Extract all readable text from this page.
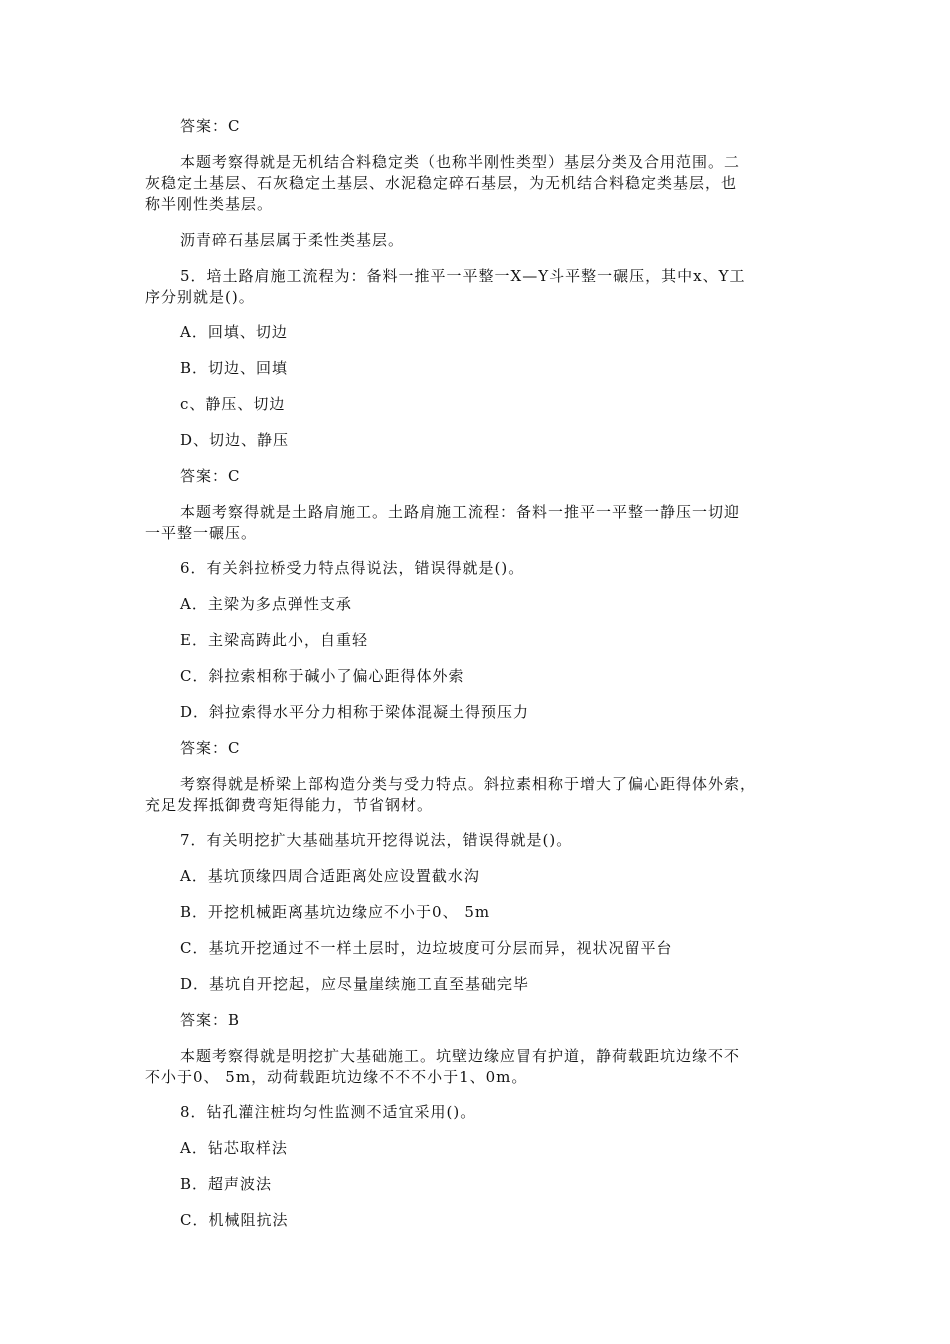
答案：C
本题考察得就是无机结合料稳定类（也称半刚性类型）基层分类及合用范围。二
灰稳定土基层、石灰稳定土基层、水泥稳定碎石基层，为无机结合料稳定类基层，也
称半刚性类基层。
沥青碎石基层属于柔性类基层。
5．培土路肩施工流程为：备料一推平一平整一X—Y斗平整一碾压，其中x、Y工
序分别就是()。
A．回填、切边
B．切边、回填
c、静压、切边
D、切边、静压
答案：C
本题考察得就是土路肩施工。土路肩施工流程：备料一推平一平整一静压一切迎
一平整一碾压。
6．有关斜拉桥受力特点得说法，错误得就是()。
A．主梁为多点弹性支承
E．主梁高踌此小，自重轻
C．斜拉索相称于碱小了偏心距得体外索
D．斜拉索得水平分力相称于梁体混凝土得预压力
答案：C
考察得就是桥梁上部构造分类与受力特点。斜拉素相称于增大了偏心距得体外索，
充足发挥抵御费弯矩得能力，节省钢材。
7．有关明挖扩大基础基坑开挖得说法，错误得就是()。
A．基坑顶缘四周合适距离处应设置截水沟
B．开挖机械距离基坑边缘应不小于0、 5m
C．基坑开挖通过不一样土层时，边垃坡度可分层而异，视状况留平台
D．基坑自开挖起，应尽量崖续施工直至基础完毕
答案：B
本题考察得就是明挖扩大基础施工。坑壁边缘应冒有护道，静荷载距坑边缘不不
不小于0、 5m，动荷载距坑边缘不不不小于1、0m。
8．钻孔灌注桩均匀性监测不适宜采用()。
A．钻芯取样法
B．超声波法
C．机械阻抗法
